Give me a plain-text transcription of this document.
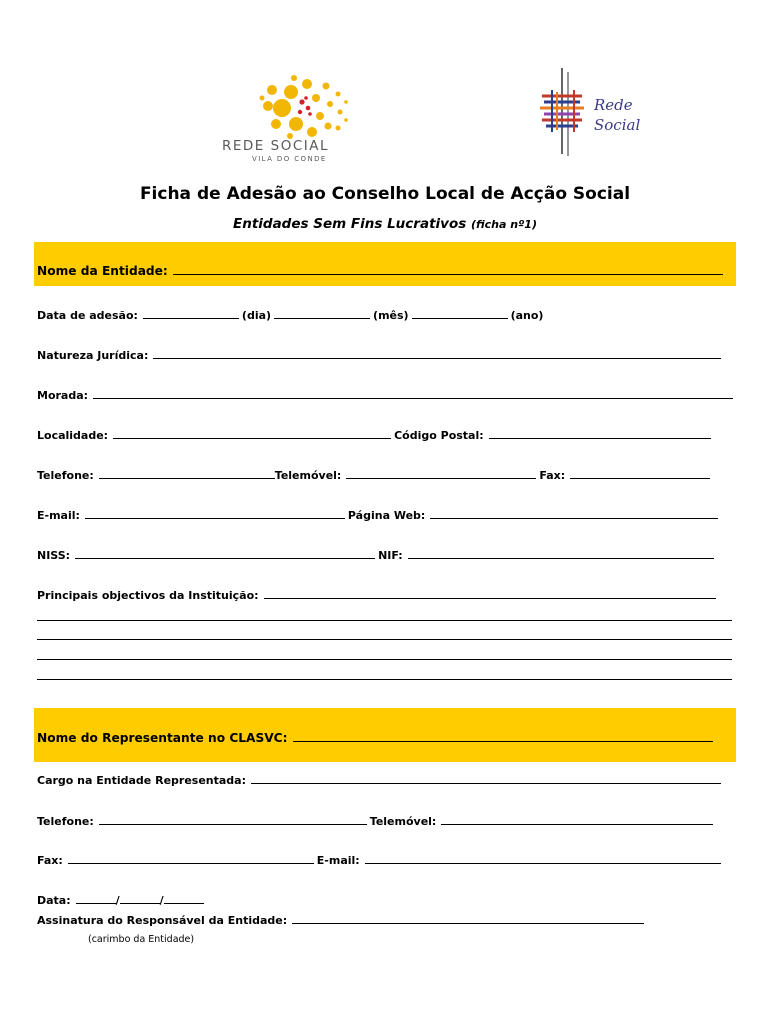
REDE SOCIAL
VILA DO CONDE
Rede
Social
Ficha de Adesão ao Conselho Local de Acção Social
Entidades Sem Fins Lucrativos (ficha nº1)
Nome da Entidade:
Data de adesão:	(dia)	(mês)	(ano)
Natureza Jurídica:
Morada:
Localidade:	Código Postal:
Telefone:	Telemóvel:	Fax:
E-mail:	Página Web:
NISS:	NIF:
Principais objectivos da Instituição:
Nome do Representante no CLASVC:
Cargo na Entidade Representada:
Telefone:	Telemóvel:
Fax:	E-mail:
Data:	/	/
Assinatura do Responsável da Entidade:
(carimbo da Entidade)
